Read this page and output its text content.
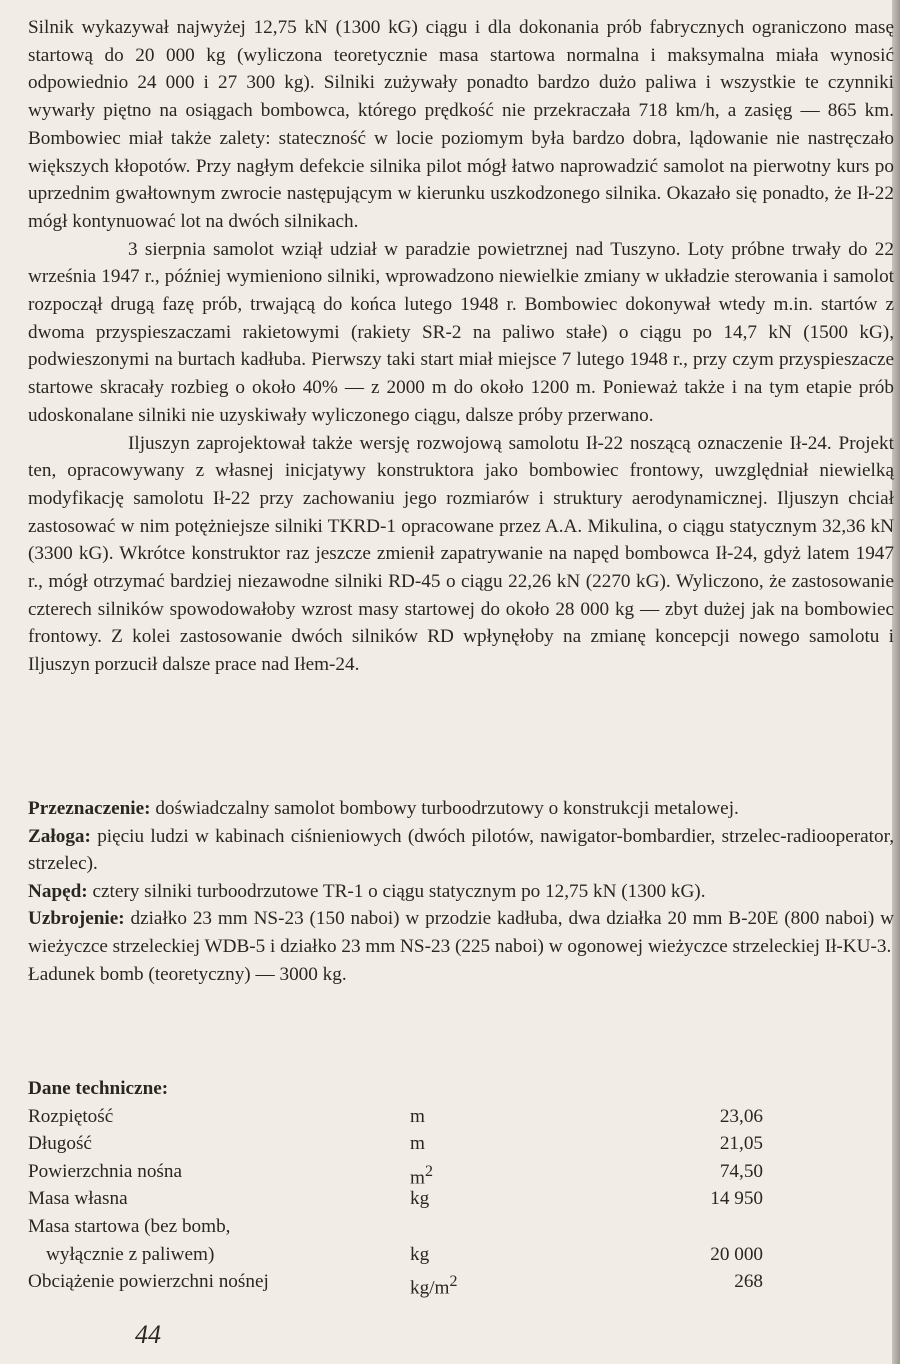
Silnik wykazywał najwyżej 12,75 kN (1300 kG) ciągu i dla dokonania prób fabrycznych ograniczono masę startową do 20 000 kg (wyliczona teoretycznie masa startowa normalna i maksymalna miała wynosić odpowiednio 24 000 i 27 300 kg). Silniki zużywały ponadto bardzo dużo paliwa i wszystkie te czynniki wywarły piętno na osiągach bombowca, którego prędkość nie przekraczała 718 km/h, a zasięg — 865 km. Bombowiec miał także zalety: stateczność w locie poziomym była bardzo dobra, lądowanie nie nastręczało większych kłopotów. Przy nagłym defekcie silnika pilot mógł łatwo naprowadzić samolot na pierwotny kurs po uprzednim gwałtownym zwrocie następującym w kierunku uszkodzonego silnika. Okazało się ponadto, że Ił-22 mógł kontynuować lot na dwóch silnikach.

3 sierpnia samolot wziął udział w paradzie powietrznej nad Tuszyno. Loty próbne trwały do 22 września 1947 r., później wymieniono silniki, wprowadzono niewielkie zmiany w układzie sterowania i samolot rozpoczął drugą fazę prób, trwającą do końca lutego 1948 r. Bombowiec dokonywał wtedy m.in. startów z dwoma przyspieszaczami rakietowymi (rakiety SR-2 na paliwo stałe) o ciągu po 14,7 kN (1500 kG), podwieszonymi na burtach kadłuba. Pierwszy taki start miał miejsce 7 lutego 1948 r., przy czym przyspieszacze startowe skracały rozbieg o około 40% — z 2000 m do około 1200 m. Ponieważ także i na tym etapie prób udoskonalane silniki nie uzyskiwały wyliczonego ciągu, dalsze próby przerwano.

Iljuszyn zaprojektował także wersję rozwojową samolotu Ił-22 noszącą oznaczenie Ił-24. Projekt ten, opracowywany z własnej inicjatywy konstruktora jako bombowiec frontowy, uwzględniał niewielką modyfikację samolotu Ił-22 przy zachowaniu jego rozmiarów i struktury aerodynamicznej. Iljuszyn chciał zastosować w nim potężniejsze silniki TKRD-1 opracowane przez A.A. Mikulina, o ciągu statycznym 32,36 kN (3300 kG). Wkrótce konstruktor raz jeszcze zmienił zapatrywanie na napęd bombowca Ił-24, gdyż latem 1947 r., mógł otrzymać bardziej niezawodne silniki RD-45 o ciągu 22,26 kN (2270 kG). Wyliczono, że zastosowanie czterech silników spowodowałoby wzrost masy startowej do około 28 000 kg — zbyt dużej jak na bombowiec frontowy. Z kolei zastosowanie dwóch silników RD wpłynęłoby na zmianę koncepcji nowego samolotu i Iljuszyn porzucił dalsze prace nad Iłem-24.

Przeznaczenie: doświadczalny samolot bombowy turboodrzutowy o konstrukcji metalowej.

Załoga: pięciu ludzi w kabinach ciśnieniowych (dwóch pilotów, nawigator-bombardier, strzelec-radiooperator, strzelec).

Napęd: cztery silniki turboodrzutowe TR-1 o ciągu statycznym po 12,75 kN (1300 kG).

Uzbrojenie: działko 23 mm NS-23 (150 naboi) w przodzie kadłuba, dwa działka 20 mm B-20E (800 naboi) w wieżyczce strzeleckiej WDB-5 i działko 23 mm NS-23 (225 naboi) w ogonowej wieżyczce strzeleckiej Ił-KU-3.

Ładunek bomb (teoretyczny) — 3000 kg.

Dane techniczne:
Rozpiętość	m	23,06
Długość	m	21,05
Powierzchnia nośna	$m^2$	74,50
Masa własna	kg	14 950
Masa startowa (bez bomb,
wyłącznie z paliwem)	kg	20 000
Obciążenie powierzchni nośnej	$kg/m^2$	268
44
